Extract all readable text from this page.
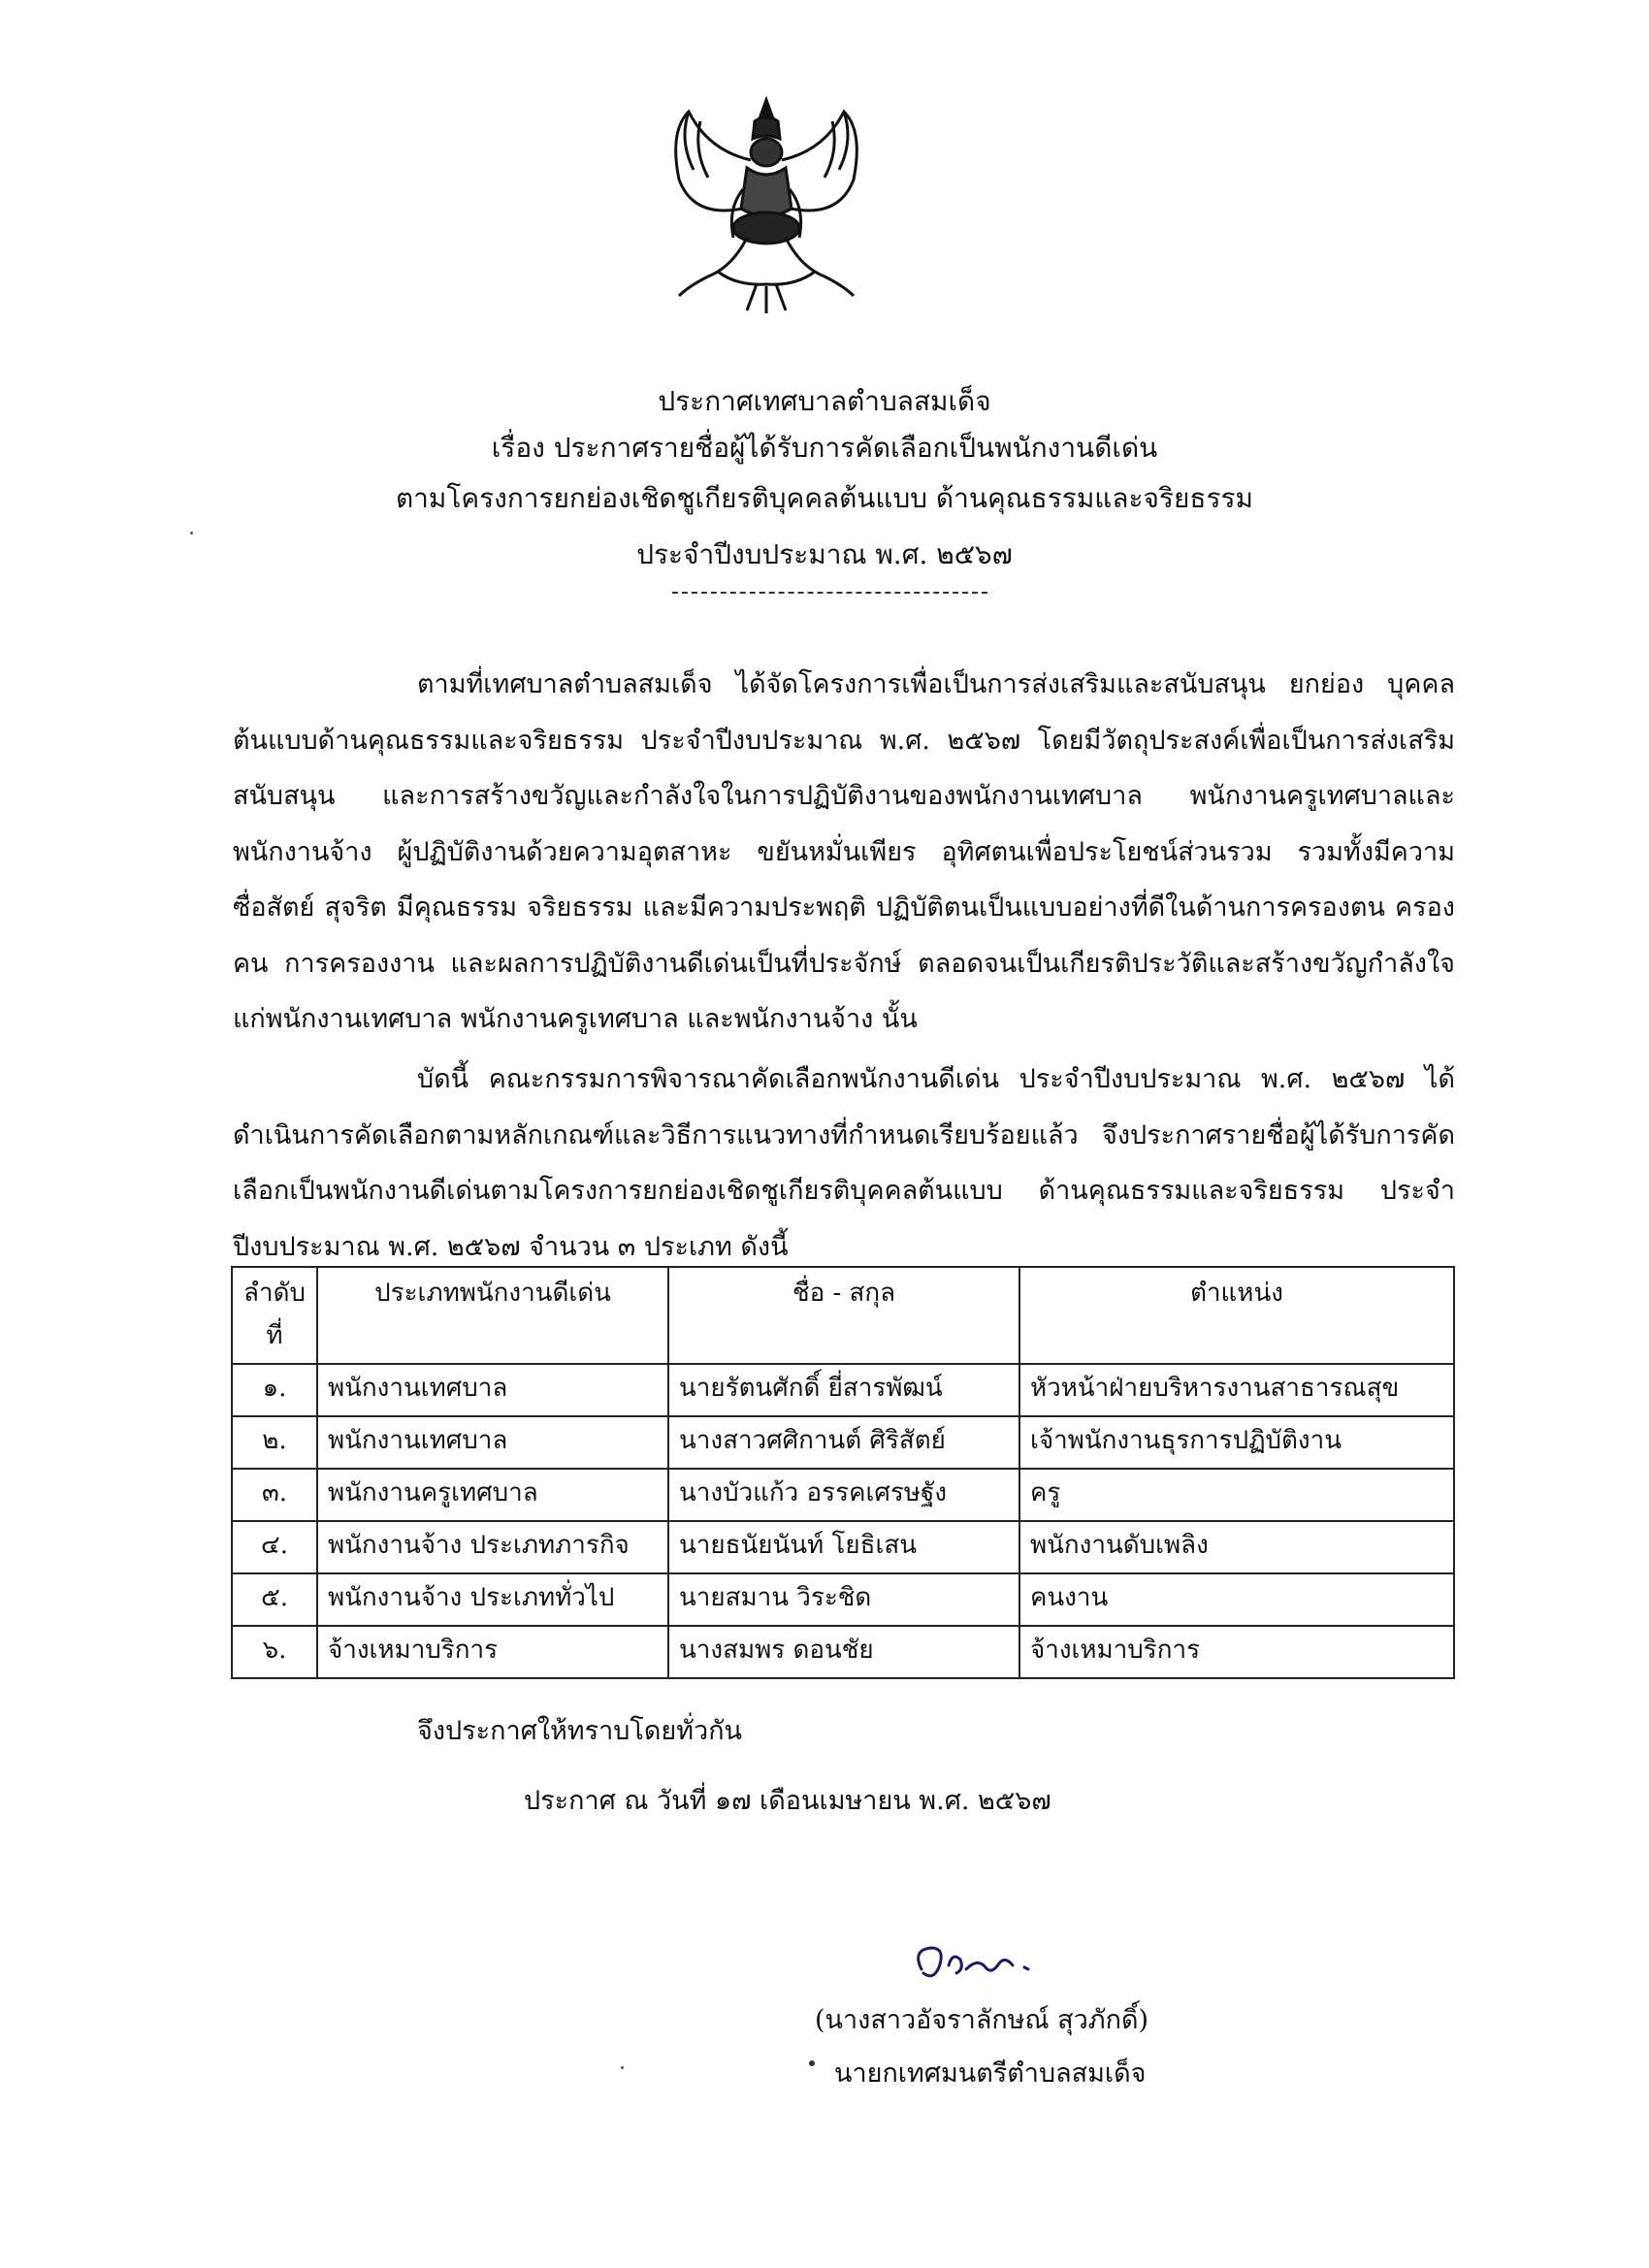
ประกาศเทศบาลตำบลสมเด็จ
เรื่อง ประกาศรายชื่อผู้ได้รับการคัดเลือกเป็นพนักงานดีเด่น
ตามโครงการยกย่องเชิดชูเกียรติบุคคลต้นแบบ ด้านคุณธรรมและจริยธรรม
ประจำปีงบประมาณ พ.ศ. ๒๕๖๗

ตามที่เทศบาลตำบลสมเด็จ ได้จัดโครงการเพื่อเป็นการส่งเสริมและสนับสนุน ยกย่อง บุคคลต้นแบบด้านคุณธรรมและจริยธรรม ประจำปีงบประมาณ พ.ศ. ๒๕๖๗ โดยมีวัตถุประสงค์เพื่อเป็นการส่งเสริมสนับสนุน และการสร้างขวัญและกำลังใจในการปฏิบัติงานของพนักงานเทศบาล พนักงานครูเทศบาลและพนักงานจ้าง ผู้ปฏิบัติงานด้วยความอุตสาหะ ขยันหมั่นเพียร อุทิศตนเพื่อประโยชน์ส่วนรวม รวมทั้งมีความซื่อสัตย์ สุจริต มีคุณธรรม จริยธรรม และมีความประพฤติ ปฏิบัติตนเป็นแบบอย่างที่ดีในด้านการครองตน ครองคน การครองงาน และผลการปฏิบัติงานดีเด่นเป็นที่ประจักษ์ ตลอดจนเป็นเกียรติประวัติและสร้างขวัญกำลังใจแก่พนักงานเทศบาล พนักงานครูเทศบาล และพนักงานจ้าง นั้น

บัดนี้ คณะกรรมการพิจารณาคัดเลือกพนักงานดีเด่น ประจำปีงบประมาณ พ.ศ. ๒๕๖๗ ได้ดำเนินการคัดเลือกตามหลักเกณฑ์และวิธีการแนวทางที่กำหนดเรียบร้อยแล้ว จึงประกาศรายชื่อผู้ได้รับการคัดเลือกเป็นพนักงานดีเด่นตามโครงการยกย่องเชิดชูเกียรติบุคคลต้นแบบ ด้านคุณธรรมและจริยธรรม ประจำปีงบประมาณ พ.ศ. ๒๕๖๗ จำนวน ๓ ประเภท ดังนี้

ลำดับที่	ประเภทพนักงานดีเด่น	ชื่อ - สกุล	ตำแหน่ง
๑.	พนักงานเทศบาล	นายรัตนศักดิ์ ยี่สารพัฒน์	หัวหน้าฝ่ายบริหารงานสาธารณสุข
๒.	พนักงานเทศบาล	นางสาวศศิกานต์ ศิริสัตย์	เจ้าพนักงานธุรการปฏิบัติงาน
๓.	พนักงานครูเทศบาล	นางบัวแก้ว อรรคเศรษฐัง	ครู
๔.	พนักงานจ้าง ประเภทภารกิจ	นายธนัยนันท์ โยธิเสน	พนักงานดับเพลิง
๕.	พนักงานจ้าง ประเภททั่วไป	นายสมาน วิระชิด	คนงาน
๖.	จ้างเหมาบริการ	นางสมพร ดอนชัย	จ้างเหมาบริการ
จึงประกาศให้ทราบโดยทั่วกัน
ประกาศ ณ วันที่ ๑๗ เดือนเมษายน พ.ศ. ๒๕๖๗
(นางสาวอัจราลักษณ์ สุวภักดิ์)
นายกเทศมนตรีตำบลสมเด็จ
